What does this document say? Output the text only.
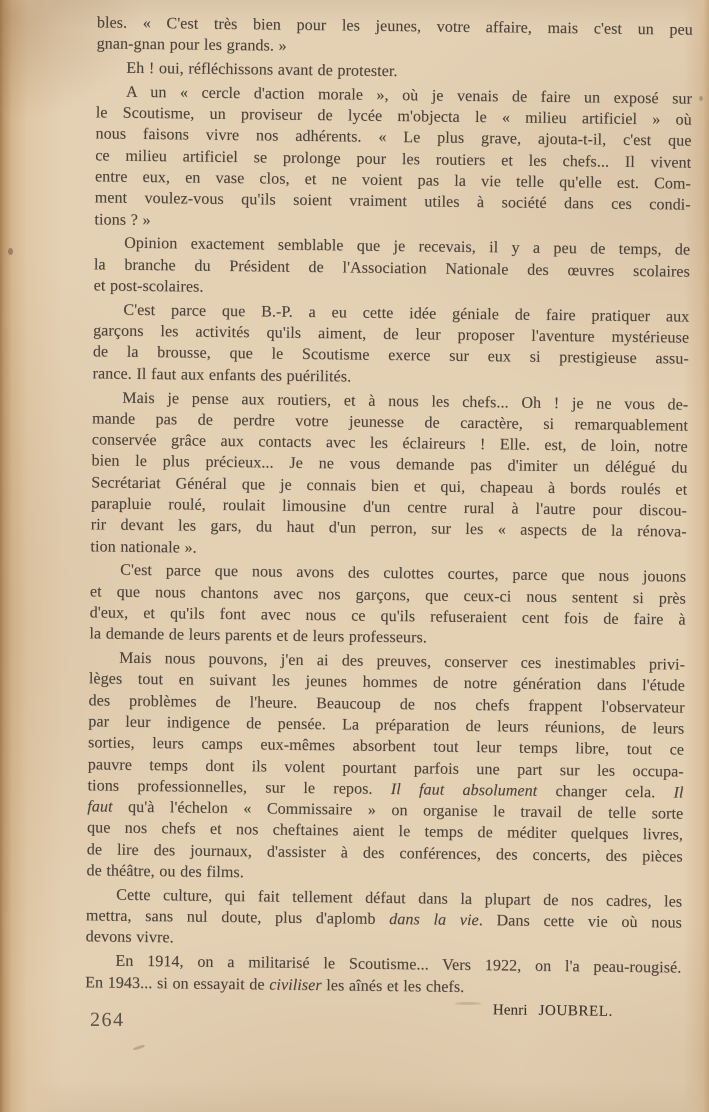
bles. « C'est très bien pour les jeunes, votre affaire, mais c'est un peu
gnan-gnan pour les grands. »
Eh ! oui, réfléchissons avant de protester.
A un « cercle d'action morale », où je venais de faire un exposé sur
le Scoutisme, un proviseur de lycée m'objecta le « milieu artificiel » où
nous faisons vivre nos adhérents. « Le plus grave, ajouta-t-il, c'est que
ce milieu artificiel se prolonge pour les routiers et les chefs... Il vivent
entre eux, en vase clos, et ne voient pas la vie telle qu'elle est. Com-
ment voulez-vous qu'ils soient vraiment utiles à société dans ces condi-
tions ? »
Opinion exactement semblable que je recevais, il y a peu de temps, de
la branche du Président de l'Association Nationale des œuvres scolaires
et post-scolaires.
C'est parce que B.-P. a eu cette idée géniale de faire pratiquer aux
garçons les activités qu'ils aiment, de leur proposer l'aventure mystérieuse
de la brousse, que le Scoutisme exerce sur eux si prestigieuse assu-
rance. Il faut aux enfants des puérilités.
Mais je pense aux routiers, et à nous les chefs... Oh ! je ne vous de-
mande pas de perdre votre jeunesse de caractère, si remarquablement
conservée grâce aux contacts avec les éclaireurs ! Elle. est, de loin, notre
bien le plus précieux... Je ne vous demande pas d'imiter un délégué du
Secrétariat Général que je connais bien et qui, chapeau à bords roulés et
parapluie roulé, roulait limousine d'un centre rural à l'autre pour discou-
rir devant les gars, du haut d'un perron, sur les « aspects de la rénova-
tion nationale ».
C'est parce que nous avons des culottes courtes, parce que nous jouons
et que nous chantons avec nos garçons, que ceux-ci nous sentent si près
d'eux, et qu'ils font avec nous ce qu'ils refuseraient cent fois de faire à
la demande de leurs parents et de leurs professeurs.
Mais nous pouvons, j'en ai des preuves, conserver ces inestimables privi-
lèges tout en suivant les jeunes hommes de notre génération dans l'étude
des problèmes de l'heure. Beaucoup de nos chefs frappent l'observateur
par leur indigence de pensée. La préparation de leurs réunions, de leurs
sorties, leurs camps eux-mêmes absorbent tout leur temps libre, tout ce
pauvre temps dont ils volent pourtant parfois une part sur les occupa-
tions professionnelles, sur le repos. Il faut absolument changer cela. Il
faut qu'à l'échelon « Commissaire » on organise le travail de telle sorte
que nos chefs et nos cheftaines aient le temps de méditer quelques livres,
de lire des journaux, d'assister à des conférences, des concerts, des pièces
de théâtre, ou des films.
Cette culture, qui fait tellement défaut dans la plupart de nos cadres, les
mettra, sans nul doute, plus d'aplomb dans la vie. Dans cette vie où nous
devons vivre.
En 1914, on a militarisé le Scoutisme... Vers 1922, on l'a peau-rougisé.
En 1943... si on essayait de civiliser les aînés et les chefs.
Henri JOUBREL.
264
